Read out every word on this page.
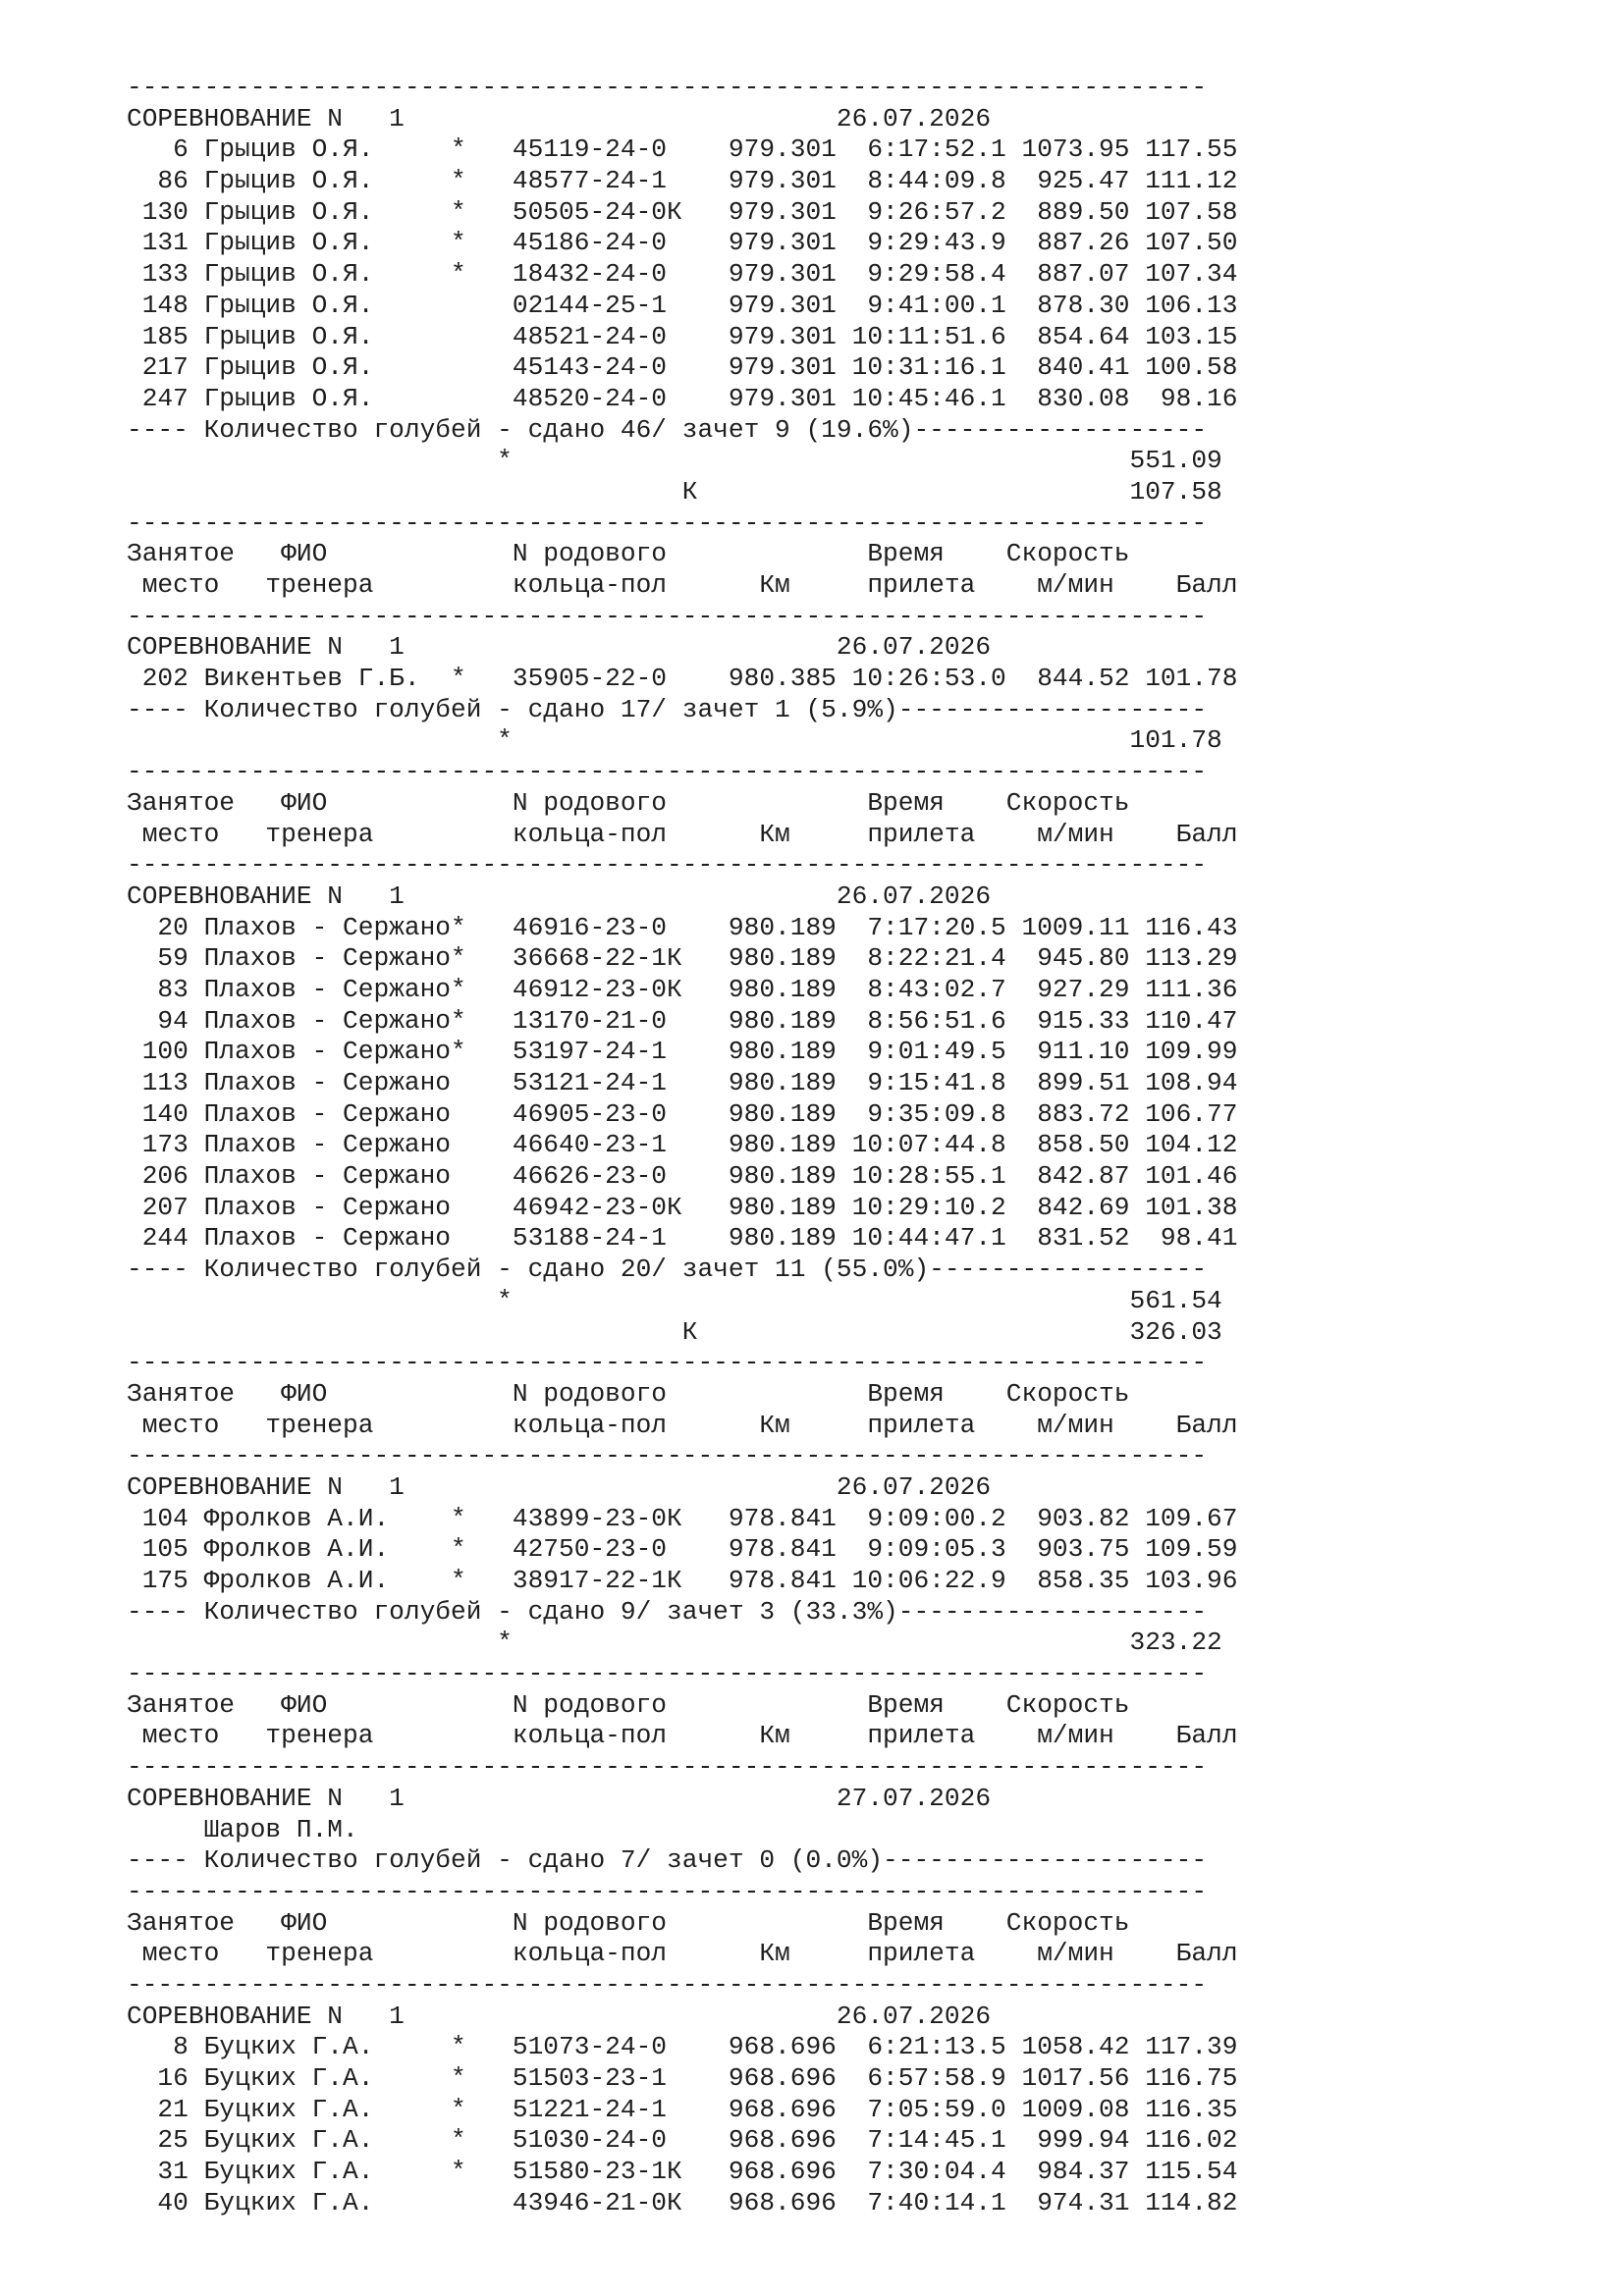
----------------------------------------------------------------------
СОРЕВНОВАНИЕ N   1                            26.07.2026
6 Грыцив О.Я.     *   45119-24-0    979.301  6:17:52.1 1073.95 117.55
86 Грыцив О.Я.     *   48577-24-1    979.301  8:44:09.8  925.47 111.12
130 Грыцив О.Я.     *   50505-24-0К   979.301  9:26:57.2  889.50 107.58
131 Грыцив О.Я.     *   45186-24-0    979.301  9:29:43.9  887.26 107.50
133 Грыцив О.Я.     *   18432-24-0    979.301  9:29:58.4  887.07 107.34
148 Грыцив О.Я.         02144-25-1    979.301  9:41:00.1  878.30 106.13
185 Грыцив О.Я.         48521-24-0    979.301 10:11:51.6  854.64 103.15
217 Грыцив О.Я.         45143-24-0    979.301 10:31:16.1  840.41 100.58
247 Грыцив О.Я.         48520-24-0    979.301 10:45:46.1  830.08  98.16
---- Количество голубей - сдано 46/ зачет 9 (19.6%)-------------------
*                                        551.09
К                            107.58
----------------------------------------------------------------------
Занятое   ФИО            N родового             Время    Скорость
место   тренера         кольца-пол      Км     прилета    м/мин    Балл
----------------------------------------------------------------------
СОРЕВНОВАНИЕ N   1                            26.07.2026
202 Викентьев Г.Б.  *   35905-22-0    980.385 10:26:53.0  844.52 101.78
---- Количество голубей - сдано 17/ зачет 1 (5.9%)--------------------
*                                        101.78
----------------------------------------------------------------------
Занятое   ФИО            N родового             Время    Скорость
место   тренера         кольца-пол      Км     прилета    м/мин    Балл
----------------------------------------------------------------------
СОРЕВНОВАНИЕ N   1                            26.07.2026
20 Плахов - Сержано*   46916-23-0    980.189  7:17:20.5 1009.11 116.43
59 Плахов - Сержано*   36668-22-1К   980.189  8:22:21.4  945.80 113.29
83 Плахов - Сержано*   46912-23-0К   980.189  8:43:02.7  927.29 111.36
94 Плахов - Сержано*   13170-21-0    980.189  8:56:51.6  915.33 110.47
100 Плахов - Сержано*   53197-24-1    980.189  9:01:49.5  911.10 109.99
113 Плахов - Сержано    53121-24-1    980.189  9:15:41.8  899.51 108.94
140 Плахов - Сержано    46905-23-0    980.189  9:35:09.8  883.72 106.77
173 Плахов - Сержано    46640-23-1    980.189 10:07:44.8  858.50 104.12
206 Плахов - Сержано    46626-23-0    980.189 10:28:55.1  842.87 101.46
207 Плахов - Сержано    46942-23-0К   980.189 10:29:10.2  842.69 101.38
244 Плахов - Сержано    53188-24-1    980.189 10:44:47.1  831.52  98.41
---- Количество голубей - сдано 20/ зачет 11 (55.0%)------------------
*                                        561.54
К                            326.03
----------------------------------------------------------------------
Занятое   ФИО            N родового             Время    Скорость
место   тренера         кольца-пол      Км     прилета    м/мин    Балл
----------------------------------------------------------------------
СОРЕВНОВАНИЕ N   1                            26.07.2026
104 Фролков А.И.    *   43899-23-0К   978.841  9:09:00.2  903.82 109.67
105 Фролков А.И.    *   42750-23-0    978.841  9:09:05.3  903.75 109.59
175 Фролков А.И.    *   38917-22-1К   978.841 10:06:22.9  858.35 103.96
---- Количество голубей - сдано 9/ зачет 3 (33.3%)--------------------
*                                        323.22
----------------------------------------------------------------------
Занятое   ФИО            N родового             Время    Скорость
место   тренера         кольца-пол      Км     прилета    м/мин    Балл
----------------------------------------------------------------------
СОРЕВНОВАНИЕ N   1                            27.07.2026
Шаров П.М.
---- Количество голубей - сдано 7/ зачет 0 (0.0%)---------------------
----------------------------------------------------------------------
Занятое   ФИО            N родового             Время    Скорость
место   тренера         кольца-пол      Км     прилета    м/мин    Балл
----------------------------------------------------------------------
СОРЕВНОВАНИЕ N   1                            26.07.2026
8 Буцких Г.А.     *   51073-24-0    968.696  6:21:13.5 1058.42 117.39
16 Буцких Г.А.     *   51503-23-1    968.696  6:57:58.9 1017.56 116.75
21 Буцких Г.А.     *   51221-24-1    968.696  7:05:59.0 1009.08 116.35
25 Буцких Г.А.     *   51030-24-0    968.696  7:14:45.1  999.94 116.02
31 Буцких Г.А.     *   51580-23-1К   968.696  7:30:04.4  984.37 115.54
40 Буцких Г.А.         43946-21-0К   968.696  7:40:14.1  974.31 114.82
